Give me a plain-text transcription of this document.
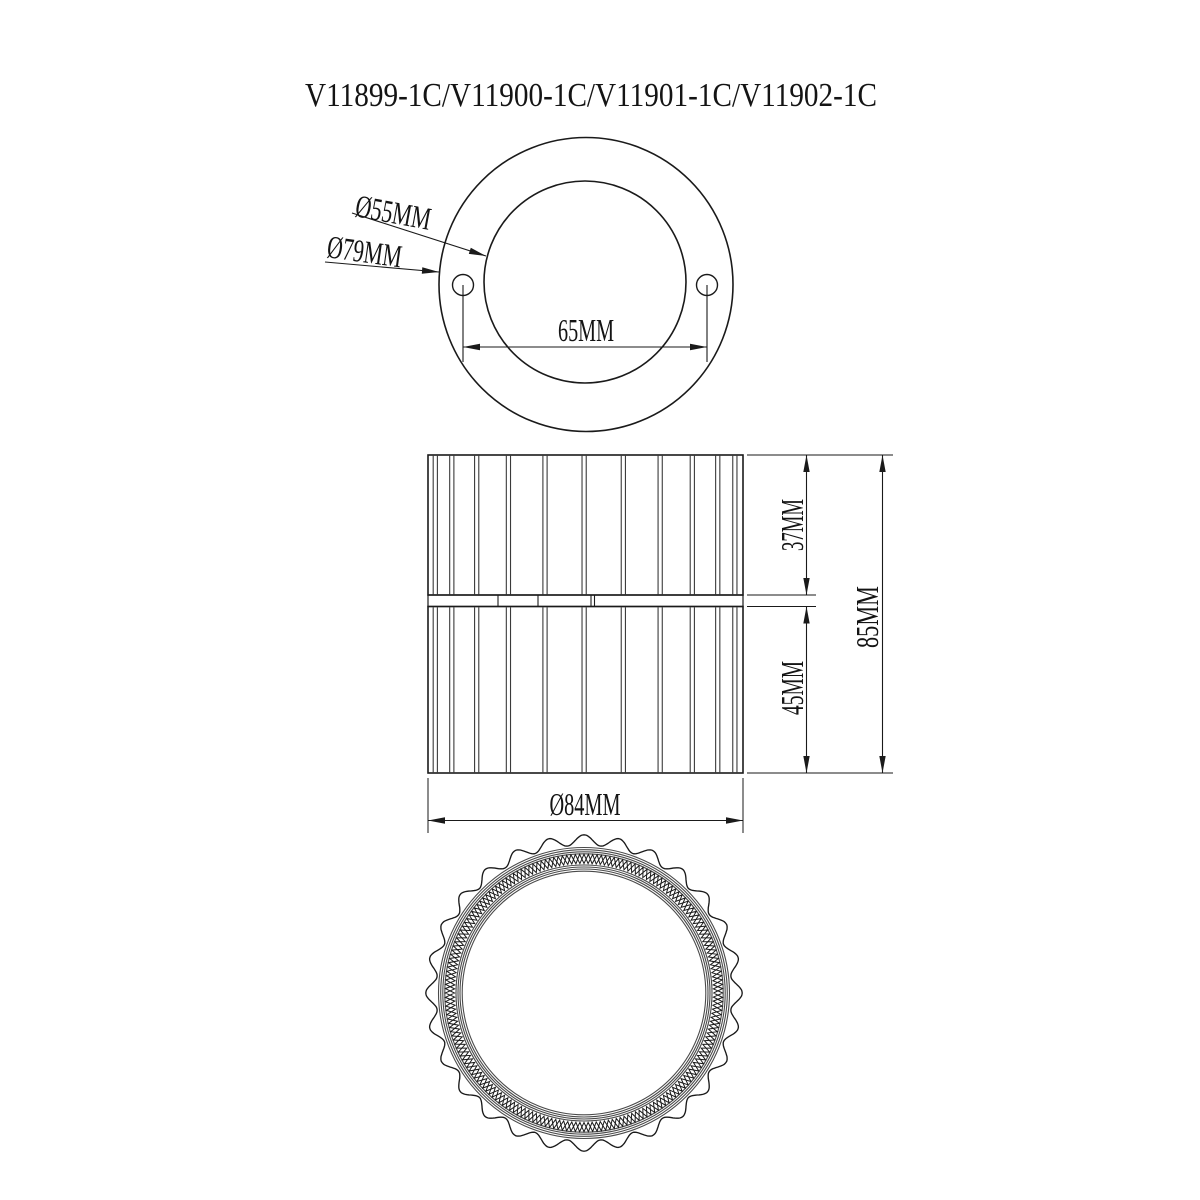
V11899-1C/V11900-1C/V11901-1C/V11902-1C
65MM
Ø55MM
Ø79MM
37MM
45MM
85MM
Ø84MM
